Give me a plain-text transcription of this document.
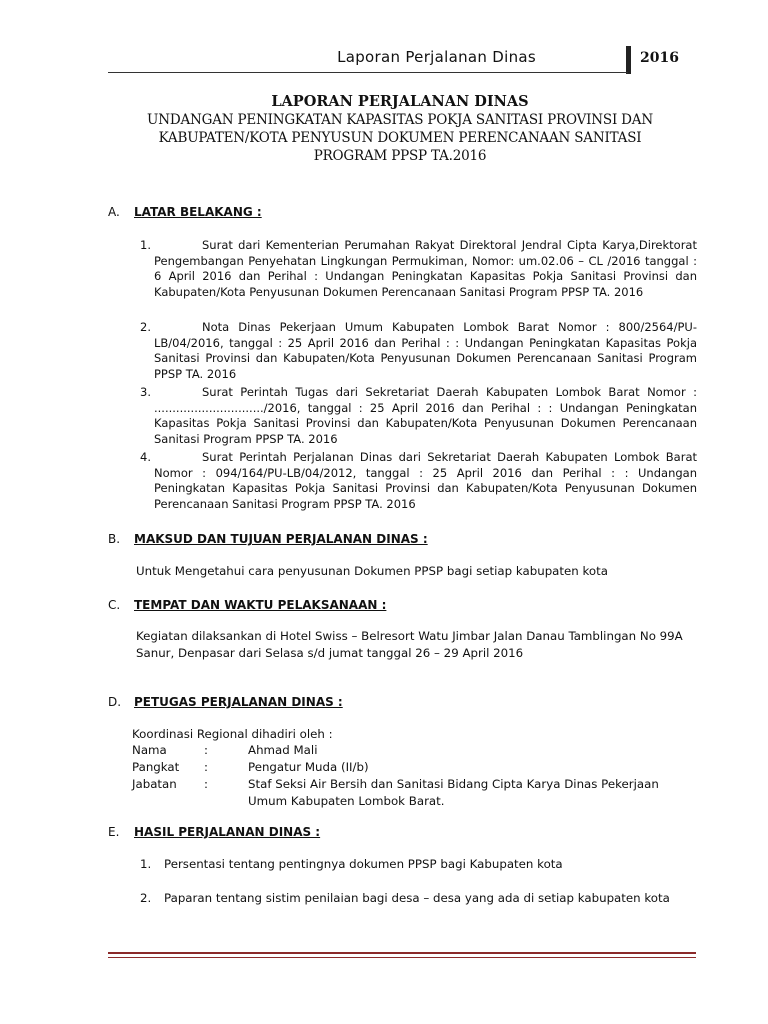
Laporan Perjalanan Dinas	2016
LAPORAN PERJALANAN DINAS
UNDANGAN PENINGKATAN KAPASITAS POKJA SANITASI PROVINSI DAN
KABUPATEN/KOTA PENYUSUN DOKUMEN PERENCANAAN SANITASI
PROGRAM PPSP TA.2016
A. LATAR BELAKANG :
1.	Surat dari Kementerian Perumahan Rakyat Direktoral Jendral Cipta Karya,Direktorat Pengembangan Penyehatan Lingkungan Permukiman, Nomor: um.02.06 – CL /2016 tanggal : 6 April 2016 dan Perihal : Undangan Peningkatan Kapasitas Pokja Sanitasi Provinsi dan Kabupaten/Kota Penyusunan Dokumen Perencanaan Sanitasi Program PPSP TA. 2016
2.	Nota Dinas Pekerjaan Umum Kabupaten Lombok Barat Nomor : 800/2564/PU-LB/04/2016, tanggal : 25 April 2016 dan Perihal : : Undangan Peningkatan Kapasitas Pokja Sanitasi Provinsi dan Kabupaten/Kota Penyusunan Dokumen Perencanaan Sanitasi Program PPSP TA. 2016
3.	Surat Perintah Tugas dari Sekretariat Daerah Kabupaten Lombok Barat Nomor : ............................../2016, tanggal : 25 April 2016 dan Perihal : : Undangan Peningkatan Kapasitas Pokja Sanitasi Provinsi dan Kabupaten/Kota Penyusunan Dokumen Perencanaan Sanitasi Program PPSP TA. 2016
4.	Surat Perintah Perjalanan Dinas dari Sekretariat Daerah Kabupaten Lombok Barat Nomor : 094/164/PU-LB/04/2012, tanggal : 25 April 2016 dan Perihal : : Undangan Peningkatan Kapasitas Pokja Sanitasi Provinsi dan Kabupaten/Kota Penyusunan Dokumen Perencanaan Sanitasi Program PPSP TA. 2016
B. MAKSUD DAN TUJUAN PERJALANAN DINAS :
Untuk Mengetahui cara penyusunan Dokumen PPSP bagi setiap kabupaten kota
C. TEMPAT DAN WAKTU PELAKSANAAN :
Kegiatan dilaksankan di Hotel Swiss – Belresort Watu Jimbar Jalan Danau Tamblingan No 99A Sanur, Denpasar dari Selasa s/d jumat tanggal 26 – 29 April 2016
D. PETUGAS PERJALANAN DINAS :
Koordinasi Regional dihadiri oleh :
Nama	:	Ahmad Mali
Pangkat :	Pengatur Muda (II/b)
Jabatan :	Staf Seksi Air Bersih dan Sanitasi Bidang Cipta Karya Dinas Pekerjaan Umum Kabupaten Lombok Barat.
E. HASIL PERJALANAN DINAS :
1. Persentasi tentang pentingnya dokumen PPSP bagi Kabupaten kota
2. Paparan tentang sistim penilaian bagi desa – desa yang ada di setiap kabupaten kota
